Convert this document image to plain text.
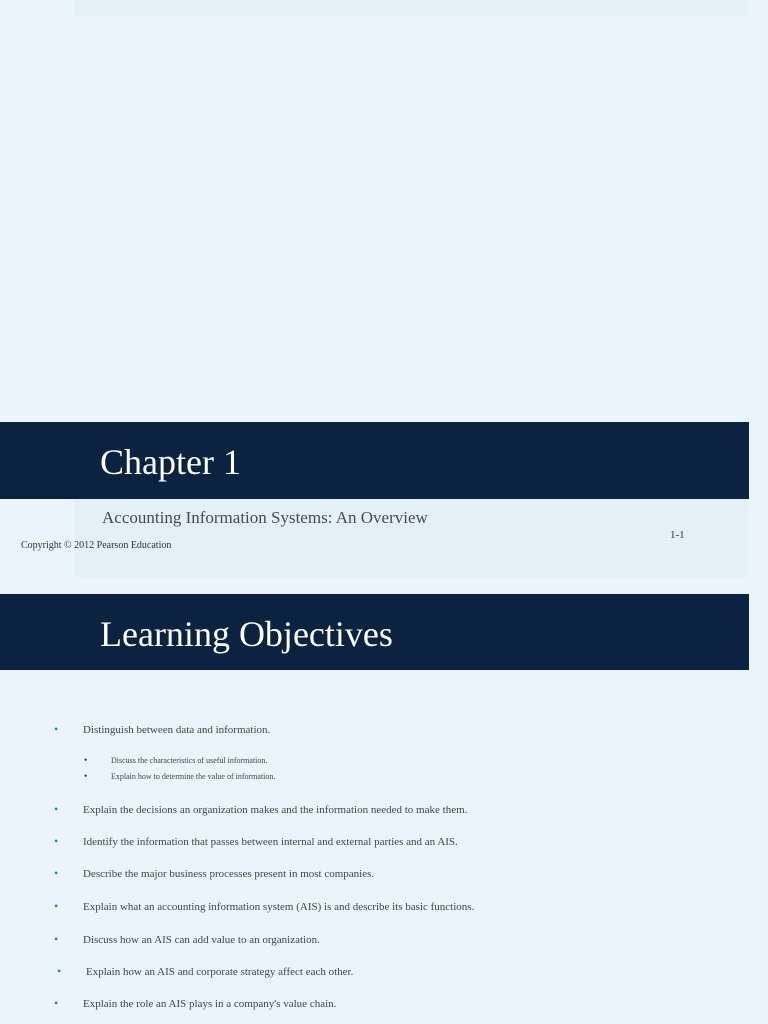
Chapter 1
Accounting Information Systems: An Overview
Copyright © 2012 Pearson Education
1-1
Learning Objectives
• Distinguish between data and information.
• Discuss the characteristics of useful information.
• Explain how to determine the value of information.
• Explain the decisions an organization makes and the information needed to make them.
• Identify the information that passes between internal and external parties and an AIS.
• Describe the major business processes present in most companies.
• Explain what an accounting information system (AIS) is and describe its basic functions.
• Discuss how an AIS can add value to an organization.
• Explain how an AIS and corporate strategy affect each other.
• Explain the role an AIS plays in a company's value chain.
